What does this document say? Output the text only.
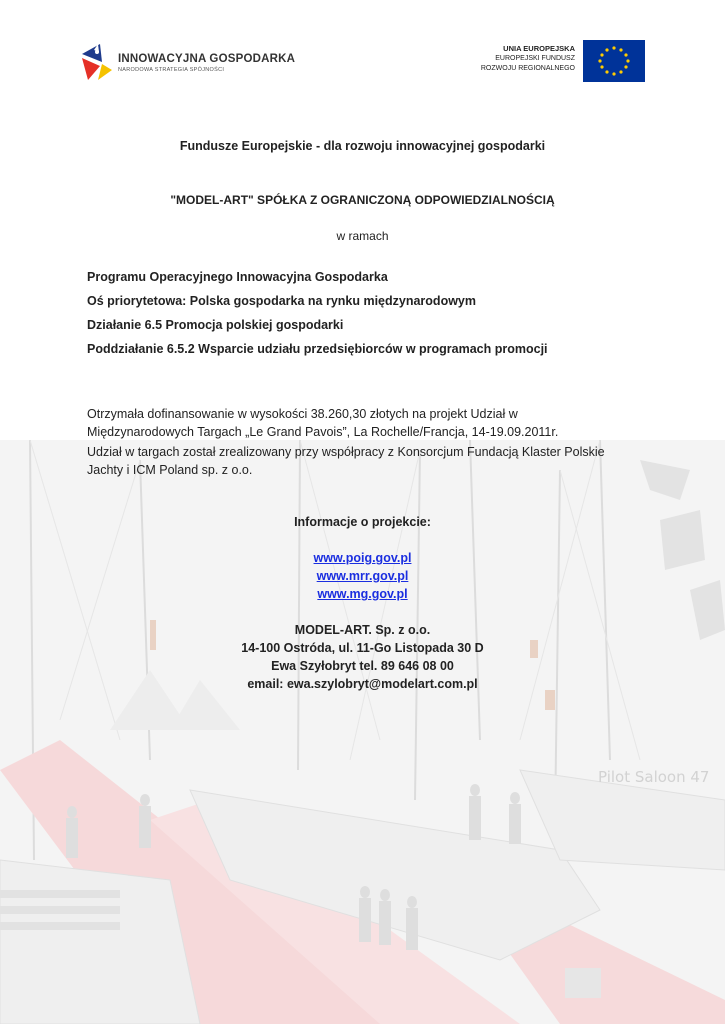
Pilot Saloon 47
INNOWACYJNA GOSPODARKA
NARODOWA STRATEGIA SPÓJNOŚCI
UNIA EUROPEJSKA
EUROPEJSKI FUNDUSZ
ROZWOJU REGIONALNEGO
Fundusze Europejskie - dla rozwoju innowacyjnej gospodarki
"MODEL-ART" SPÓŁKA Z OGRANICZONĄ ODPOWIEDZIALNOŚCIĄ
w ramach
Programu Operacyjnego Innowacyjna Gospodarka
Oś priorytetowa: Polska gospodarka na rynku międzynarodowym
Działanie 6.5 Promocja polskiej gospodarki
Poddziałanie 6.5.2 Wsparcie udziału przedsiębiorców w programach promocji

Otrzymała dofinansowanie w wysokości 38.260,30 złotych na projekt Udział w

Międzynarodowych Targach „Le Grand Pavois”, La Rochelle/Francja, 14-19.09.2011r.

Udział w targach został zrealizowany przy współpracy z Konsorcjum Fundacją Klaster Polskie

Jachty i ICM Poland sp. z o.o.

Informacje o projekcie:
www.poig.gov.pl
www.mrr.gov.pl
www.mg.gov.pl
MODEL-ART. Sp. z o.o.
14-100 Ostróda, ul. 11-Go Listopada 30 D
Ewa Szyłobryt tel. 89 646 08 00
email: ewa.szylobryt@modelart.com.pl
